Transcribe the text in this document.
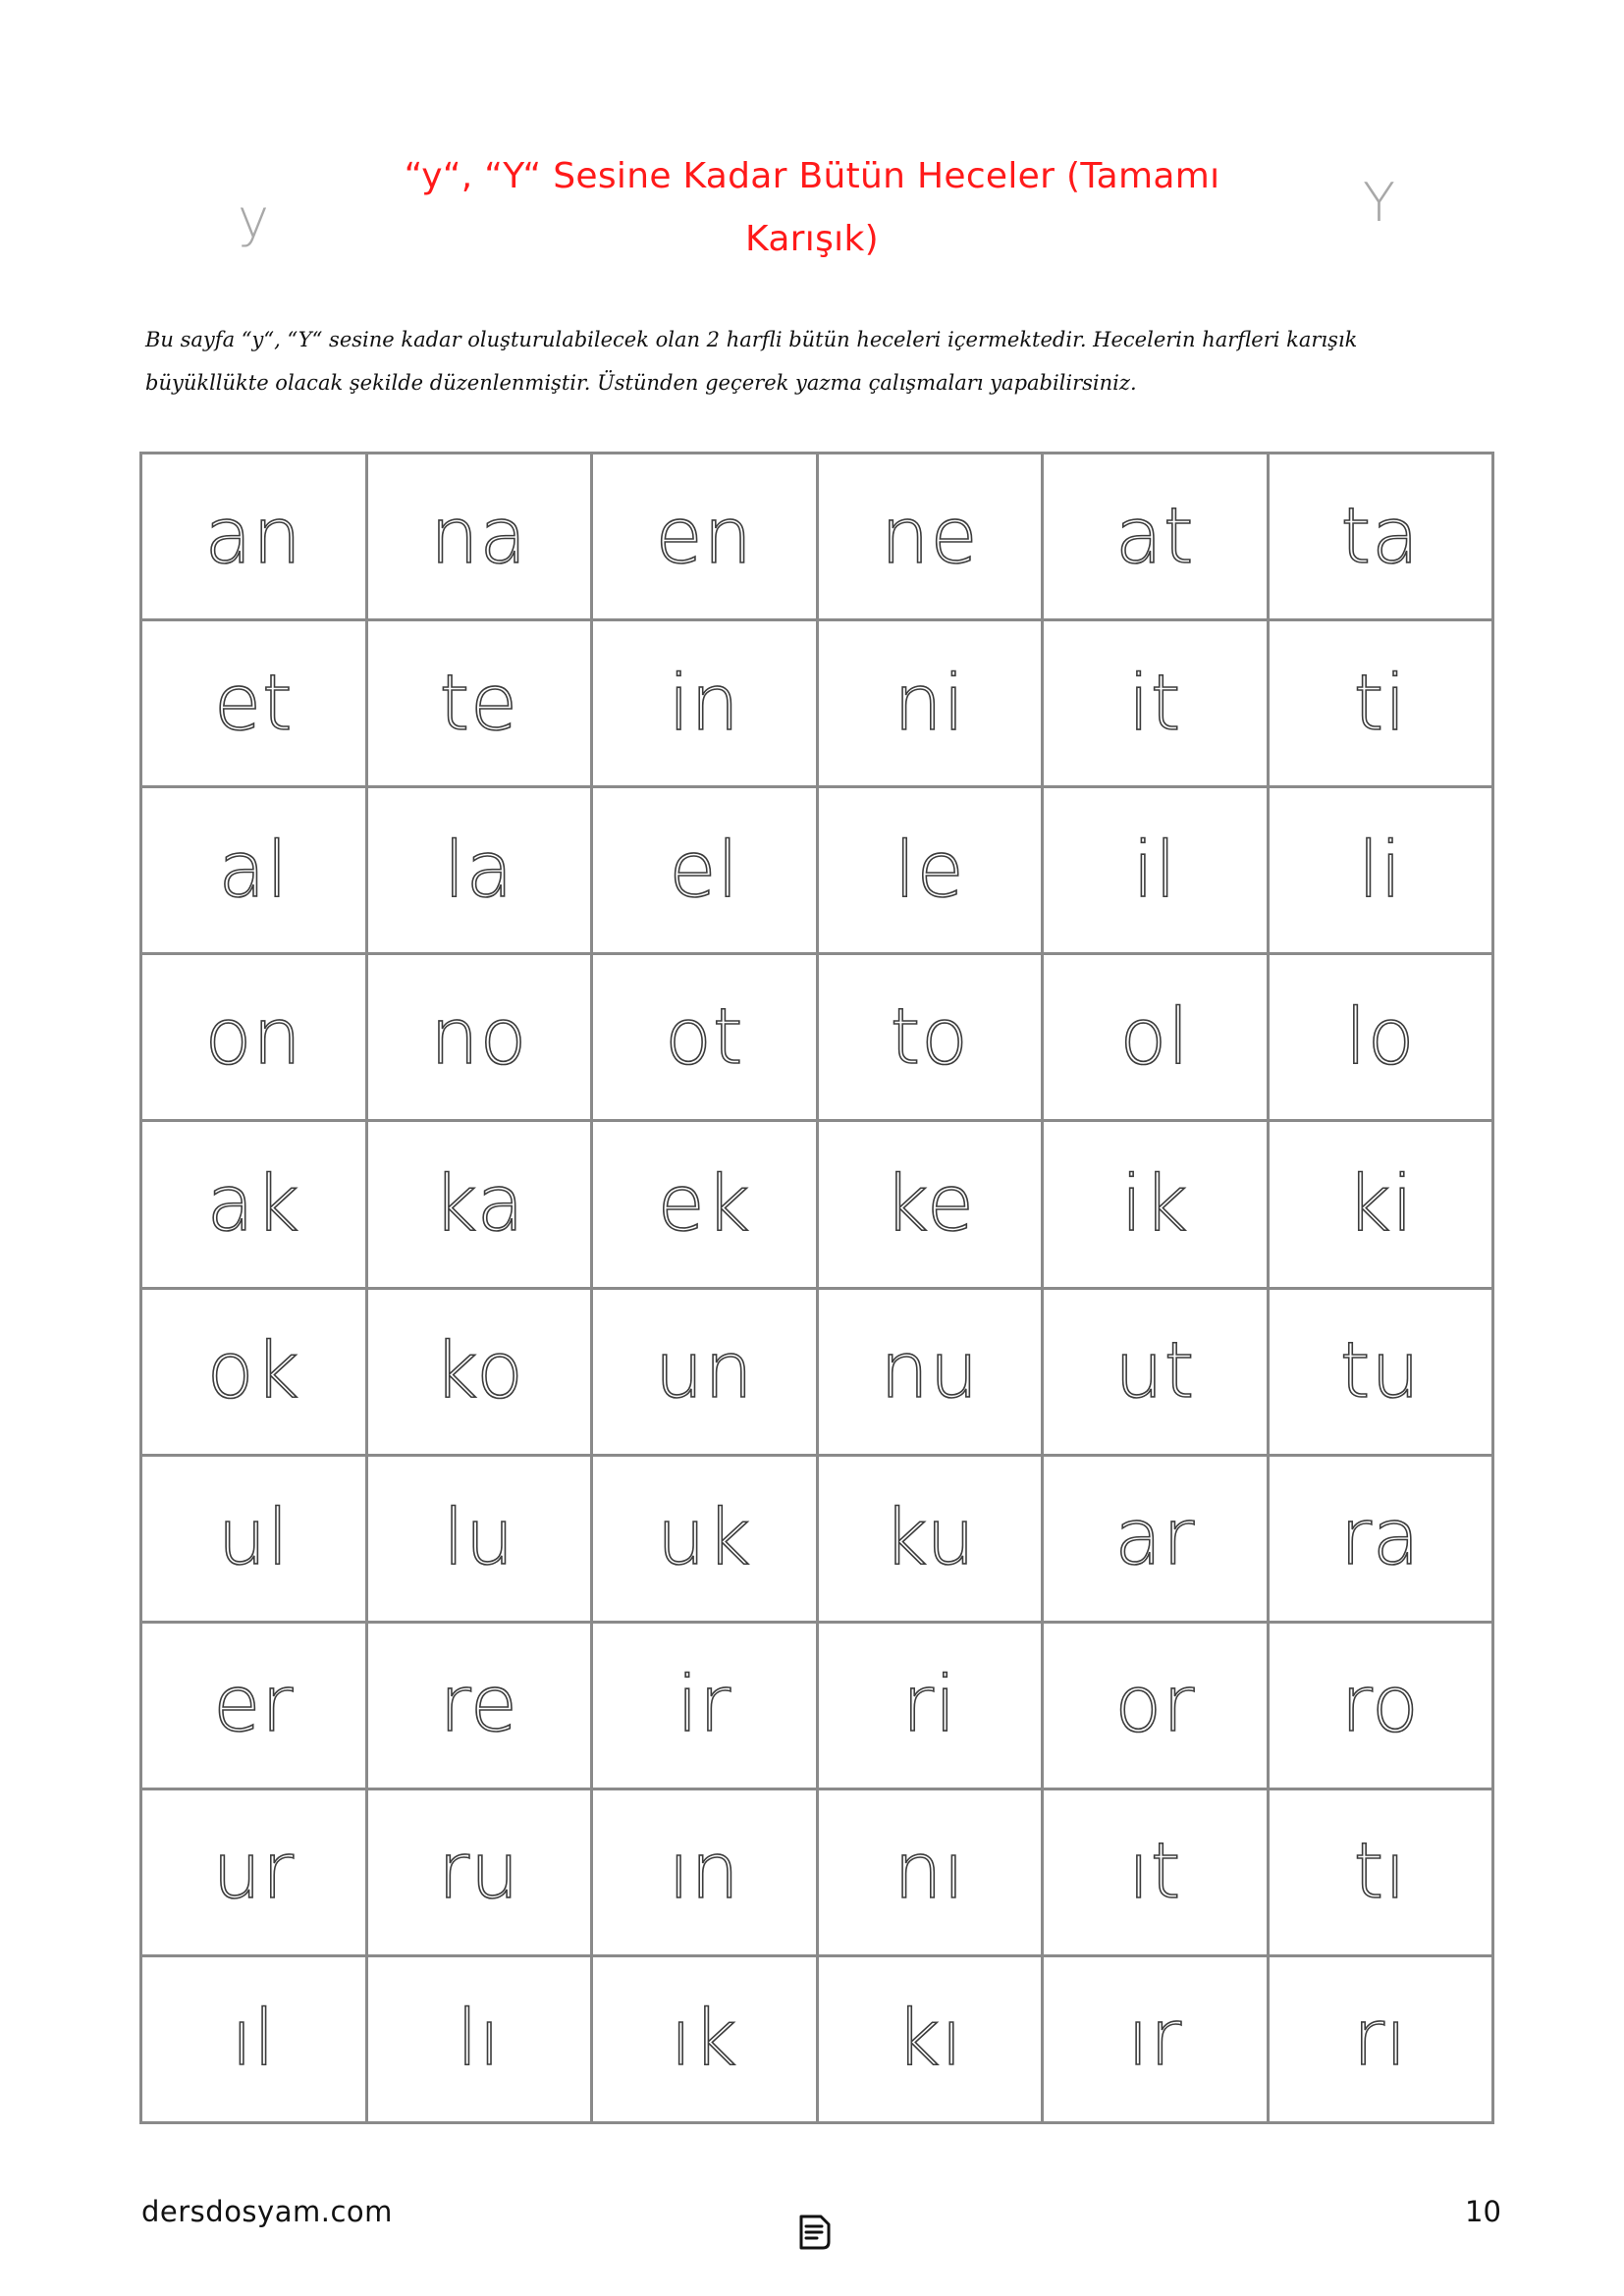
y
“y“, “Y“ Sesine Kadar Bütün Heceler (Tamamı Karışık)
Y
Bu sayfa “y“, “Y“ sesine kadar oluşturulabilecek olan 2 harfli bütün heceleri içermektedir. Hecelerin harfleri karışık büyükllükte olacak şekilde düzenlenmiştir. Üstünden geçerek yazma çalışmaları yapabilirsiniz.
an na en ne at ta
et te in ni it ti
al la el le il li
on no ot to ol lo
ak ka ek ke ik ki
ok ko un nu ut tu
ul lu uk ku ar ra
er re ir ri or ro
ur ru ın nı ıt tı
ıl lı ık kı ır rı
dersdosyam.com	10
